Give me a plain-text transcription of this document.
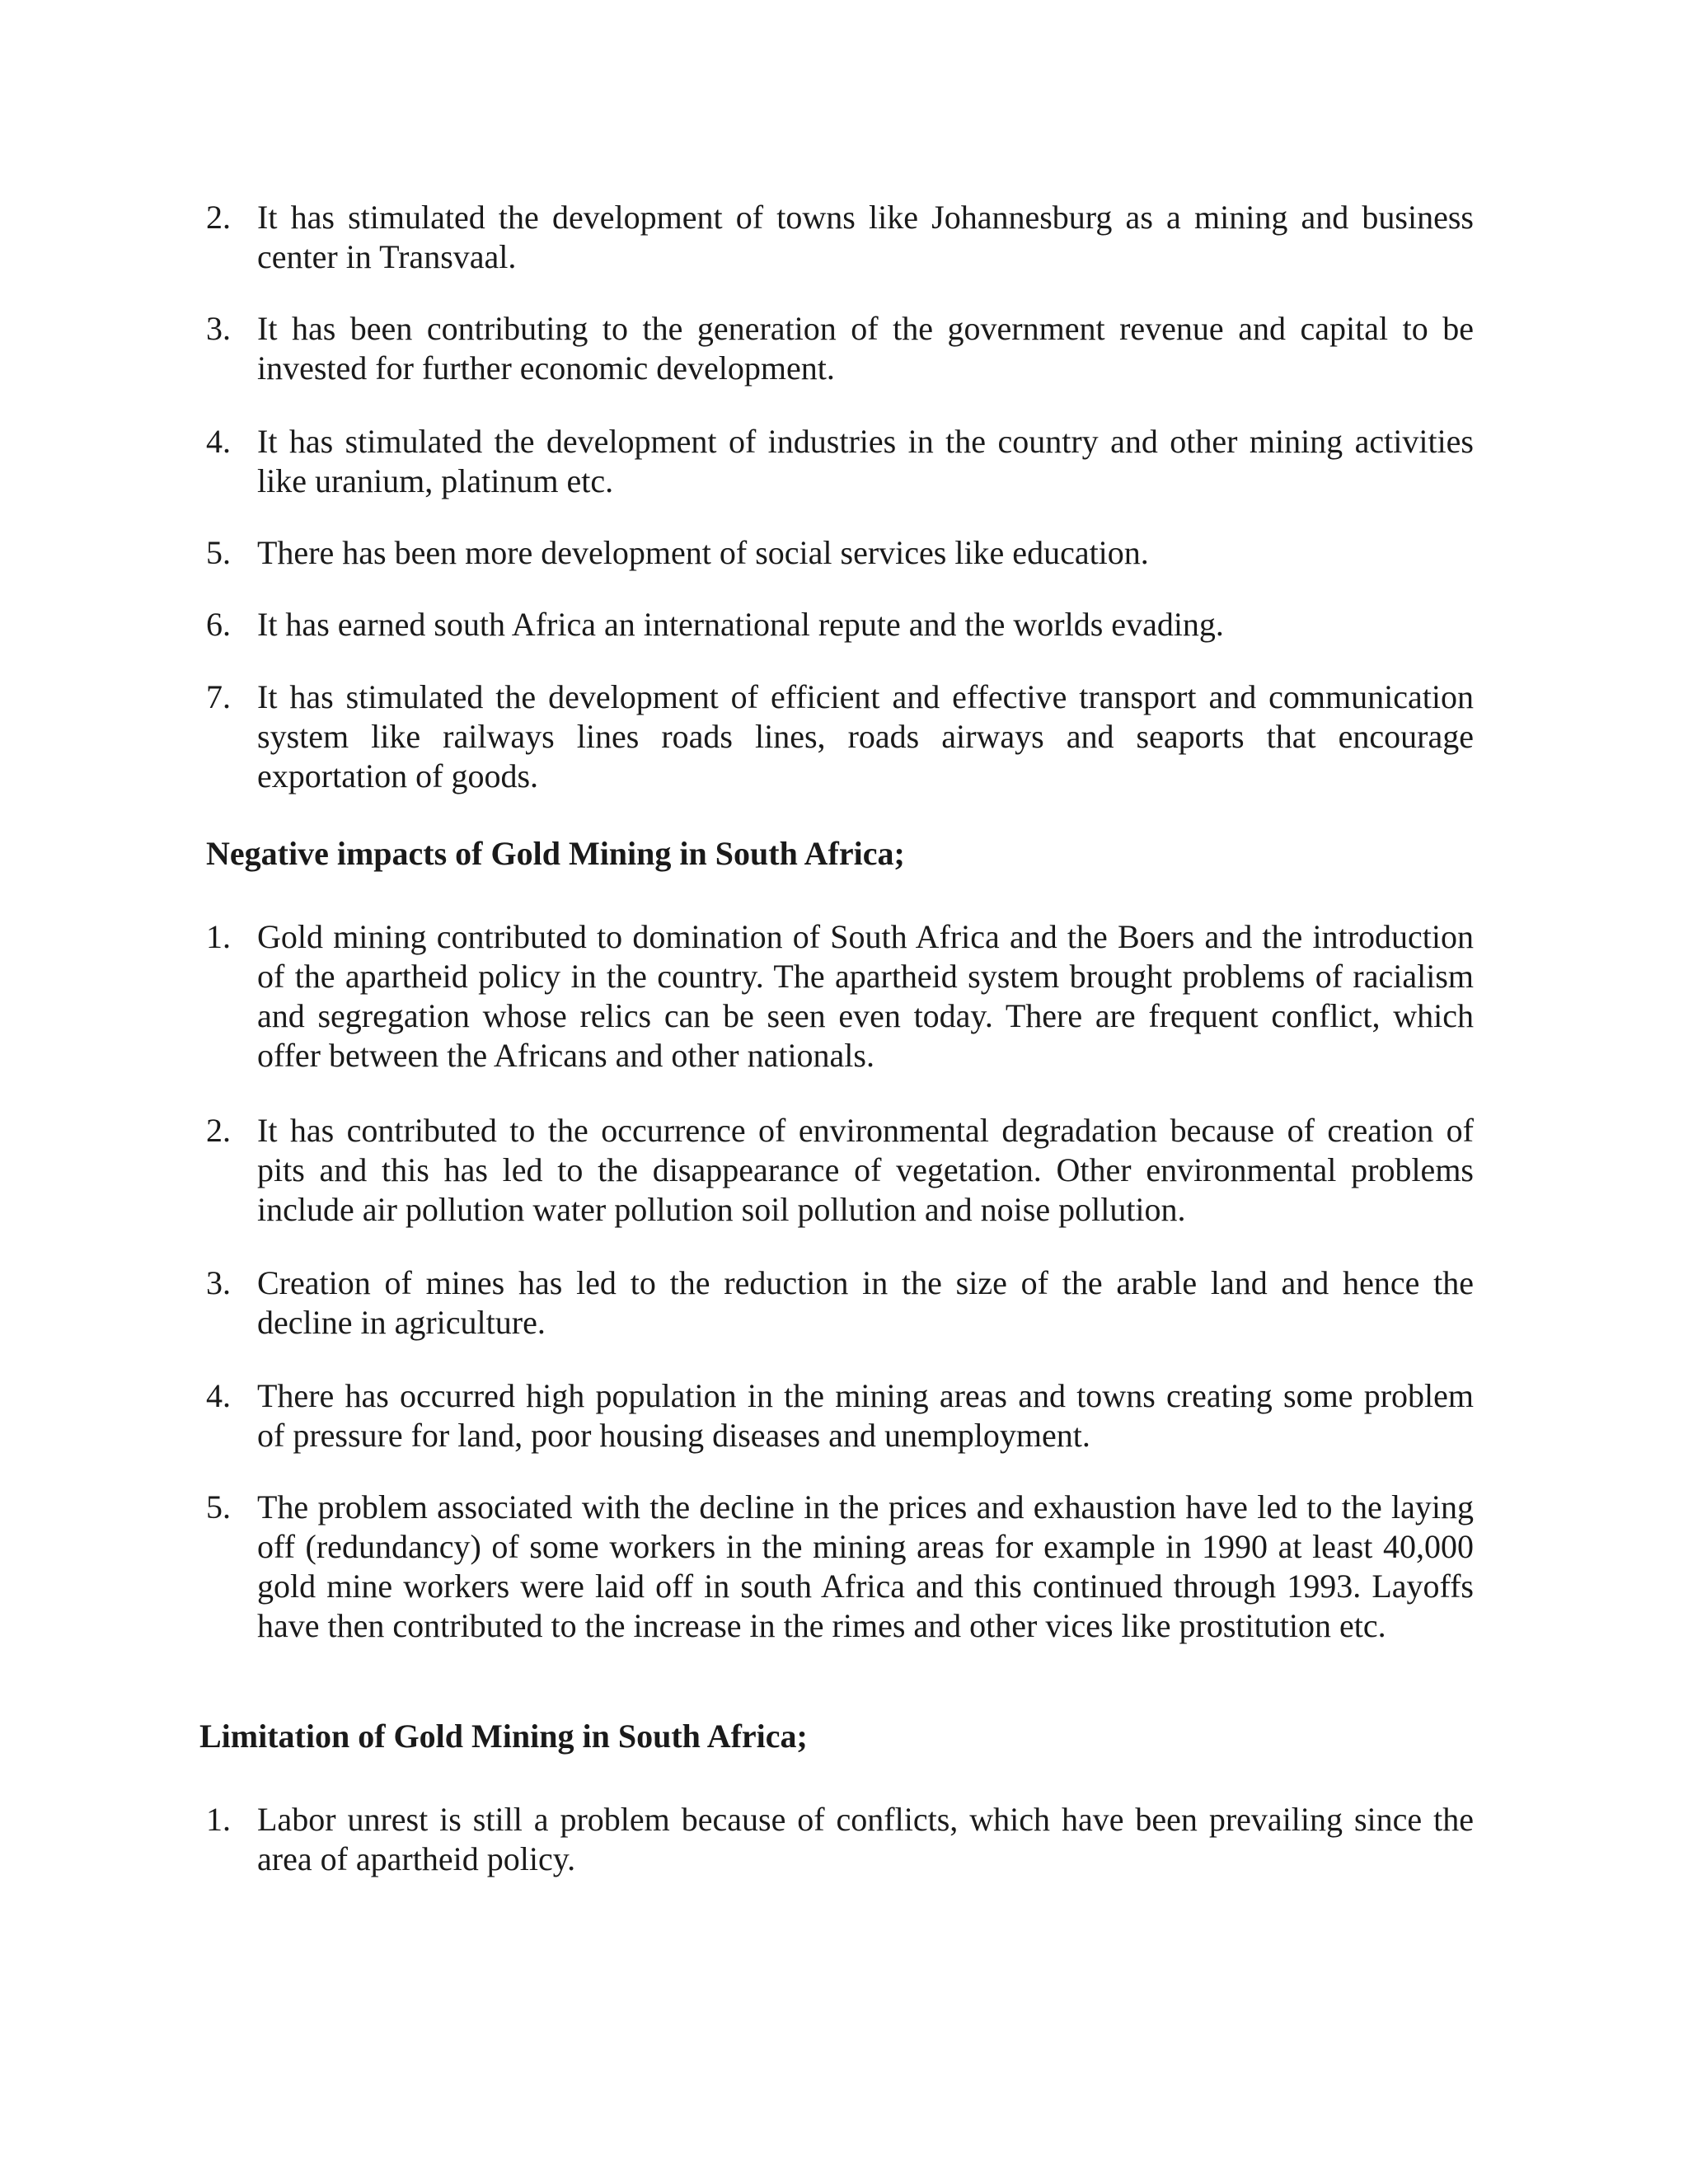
2. It has stimulated the development of towns like Johannesburg as a mining and business center in Transvaal.
3. It has been contributing to the generation of the government revenue and capital to be invested for further economic development.
4. It has stimulated the development of industries in the country and other mining activities like uranium, platinum etc.
5. There has been more development of social services like education.
6. It has earned south Africa an international repute and the worlds evading.
7. It has stimulated the development of efficient and effective transport and communication system like railways lines roads lines, roads airways and seaports that encourage exportation of goods.
Negative impacts of Gold Mining in South Africa;
1. Gold mining contributed to domination of South Africa and the Boers and the introduction of the apartheid policy in the country. The apartheid system brought problems of racialism and segregation whose relics can be seen even today. There are frequent conflict, which offer between the Africans and other nationals.
2. It has contributed to the occurrence of environmental degradation because of creation of pits and this has led to the disappearance of vegetation. Other environmental problems include air pollution water pollution soil pollution and noise pollution.
3. Creation of mines has led to the reduction in the size of the arable land and hence the decline in agriculture.
4. There has occurred high population in the mining areas and towns creating some problem of pressure for land, poor housing diseases and unemployment.
5. The problem associated with the decline in the prices and exhaustion have led to the laying off (redundancy) of some workers in the mining areas for example in 1990 at least 40,000 gold mine workers were laid off in south Africa and this continued through 1993. Layoffs have then contributed to the increase in the rimes and other vices like prostitution etc.
Limitation of Gold Mining in South Africa;
1. Labor unrest is still a problem because of conflicts, which have been prevailing since the area of apartheid policy.
